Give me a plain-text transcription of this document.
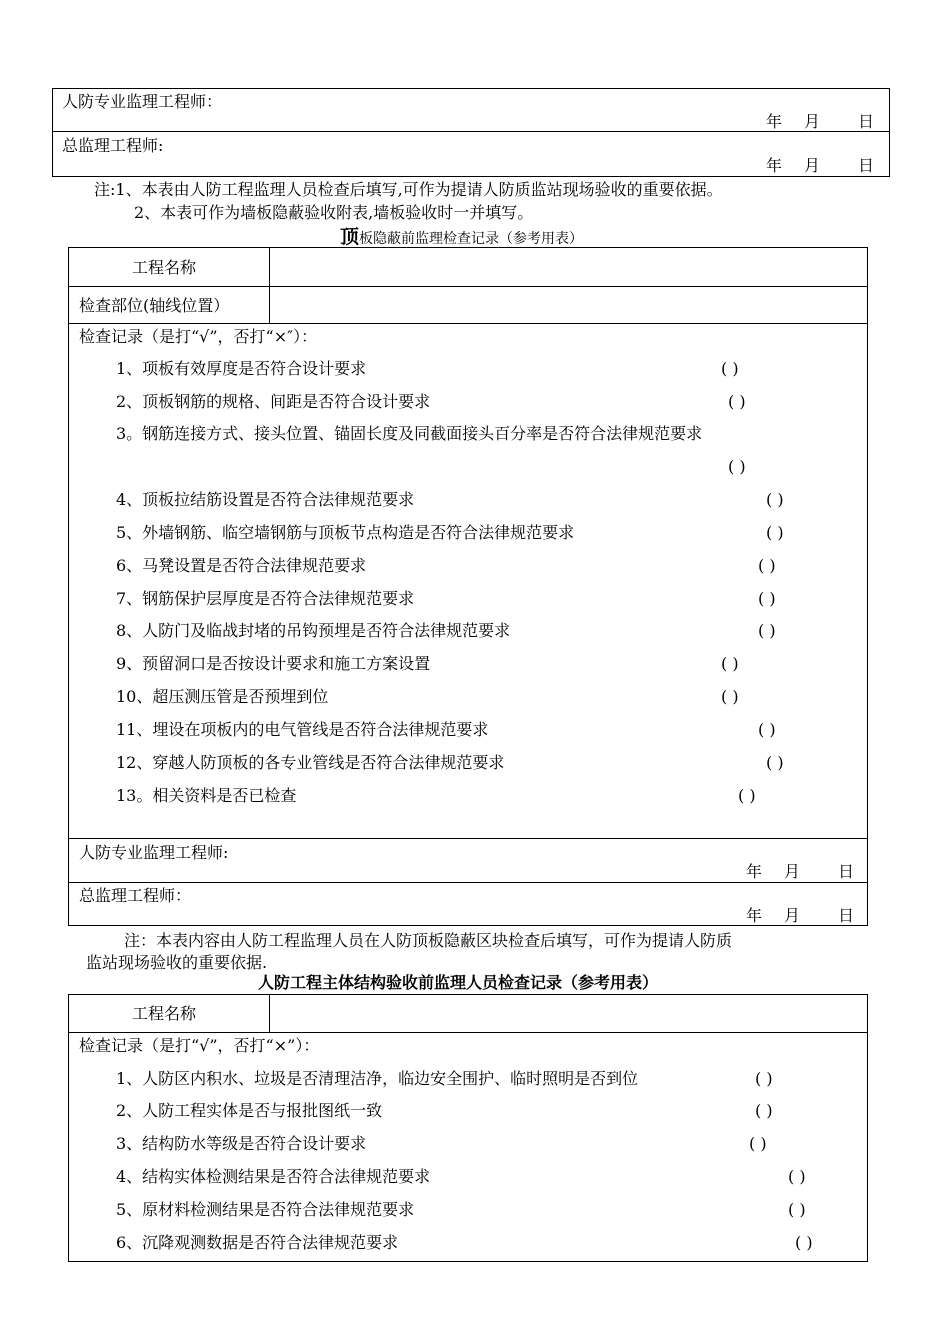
人防专业监理工程师：
年 月 日
总监理工程师:
年 月 日
注:1、本表由人防工程监理人员检查后填写,可作为提请人防质监站现场验收的重要依据。
2、本表可作为墙板隐蔽验收附表,墙板验收时一并填写。
顶板隐蔽前监理检查记录（参考用表）
工程名称
检查部位(轴线位置）
检查记录（是打“√”，否打“×″）：
1、项板有效厚度是否符合设计要求	( )
2、顶板钢筋的规格、间距是否符合设计要求	( )
3。钢筋连接方式、接头位置、锚固长度及同截面接头百分率是否符合法律规范要求
( )
4、顶板拉结筋设置是否符合法律规范要求	( )
5、外墙钢筋、临空墙钢筋与顶板节点构造是否符合法律规范要求	( )
6、马凳设置是否符合法律规范要求	( )
7、钢筋保护层厚度是否符合法律规范要求	( )
8、人防门及临战封堵的吊钩预埋是否符合法律规范要求	( )
9、预留洞口是否按设计要求和施工方案设置	( )
10、超压测压管是否预埋到位	( )
11、埋设在项板内的电气管线是否符合法律规范要求	( )
12、穿越人防顶板的各专业管线是否符合法律规范要求	( )
13。相关资料是否已检查	( )
人防专业监理工程师:
年 月 日
总监理工程师：
年 月 日
注：本表内容由人防工程监理人员在人防顶板隐蔽区块检查后填写，可作为提请人防质
监站现场验收的重要依据.
人防工程主体结构验收前监理人员检查记录（参考用表）
工程名称
检查记录（是打“√”，否打“×”）：
1、人防区内积水、垃圾是否清理洁净，临边安全围护、临时照明是否到位	( )
2、人防工程实体是否与报批图纸一致	( )
3、结构防水等级是否符合设计要求	( )
4、结构实体检测结果是否符合法律规范要求	( )
5、原材料检测结果是否符合法律规范要求	( )
6、沉降观测数据是否符合法律规范要求	( )
